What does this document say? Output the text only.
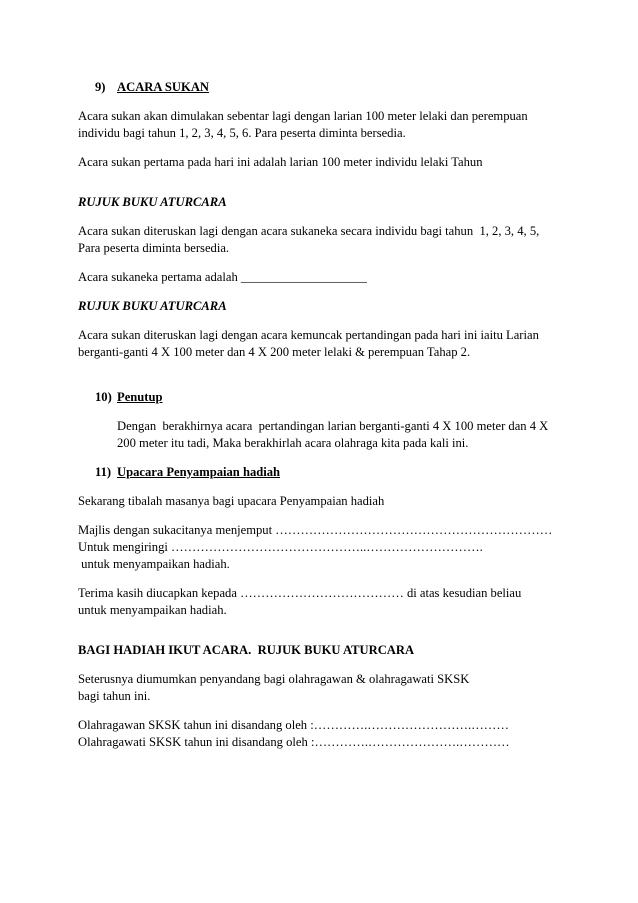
9) ACARA SUKAN
Acara sukan akan dimulakan sebentar lagi dengan larian 100 meter lelaki dan perempuan
individu bagi tahun 1, 2, 3, 4, 5, 6. Para peserta diminta bersedia.
Acara sukan pertama pada hari ini adalah larian 100 meter individu lelaki Tahun
RUJUK BUKU ATURCARA
Acara sukan diteruskan lagi dengan acara sukaneka secara individu bagi tahun  1, 2, 3, 4, 5,
Para peserta diminta bersedia.
Acara sukaneka pertama adalah ____________________
RUJUK BUKU ATURCARA
Acara sukan diteruskan lagi dengan acara kemuncak pertandingan pada hari ini iaitu Larian
berganti-ganti 4 X 100 meter dan 4 X 200 meter lelaki & perempuan Tahap 2.
10) Penutup
Dengan  berakhirnya acara  pertandingan larian berganti-ganti 4 X 100 meter dan 4 X
200 meter itu tadi, Maka berakhirlah acara olahraga kita pada kali ini.
11) Upacara Penyampaian hadiah
Sekarang tibalah masanya bagi upacara Penyampaian hadiah
Majlis dengan sukacitanya menjemput …………………………………………………………
Untuk mengiringi ………………………………………..……………………….
untuk menyampaikan hadiah.
Terima kasih diucapkan kepada ………………………………… di atas kesudian beliau
untuk menyampaikan hadiah.
BAGI HADIAH IKUT ACARA.  RUJUK BUKU ATURCARA
Seterusnya diumumkan penyandang bagi olahragawan & olahragawati SKSK
bagi tahun ini.
Olahragawan SKSK tahun ini disandang oleh :………….…………………….………
Olahragawati SKSK tahun ini disandang oleh :………….………………….…………
